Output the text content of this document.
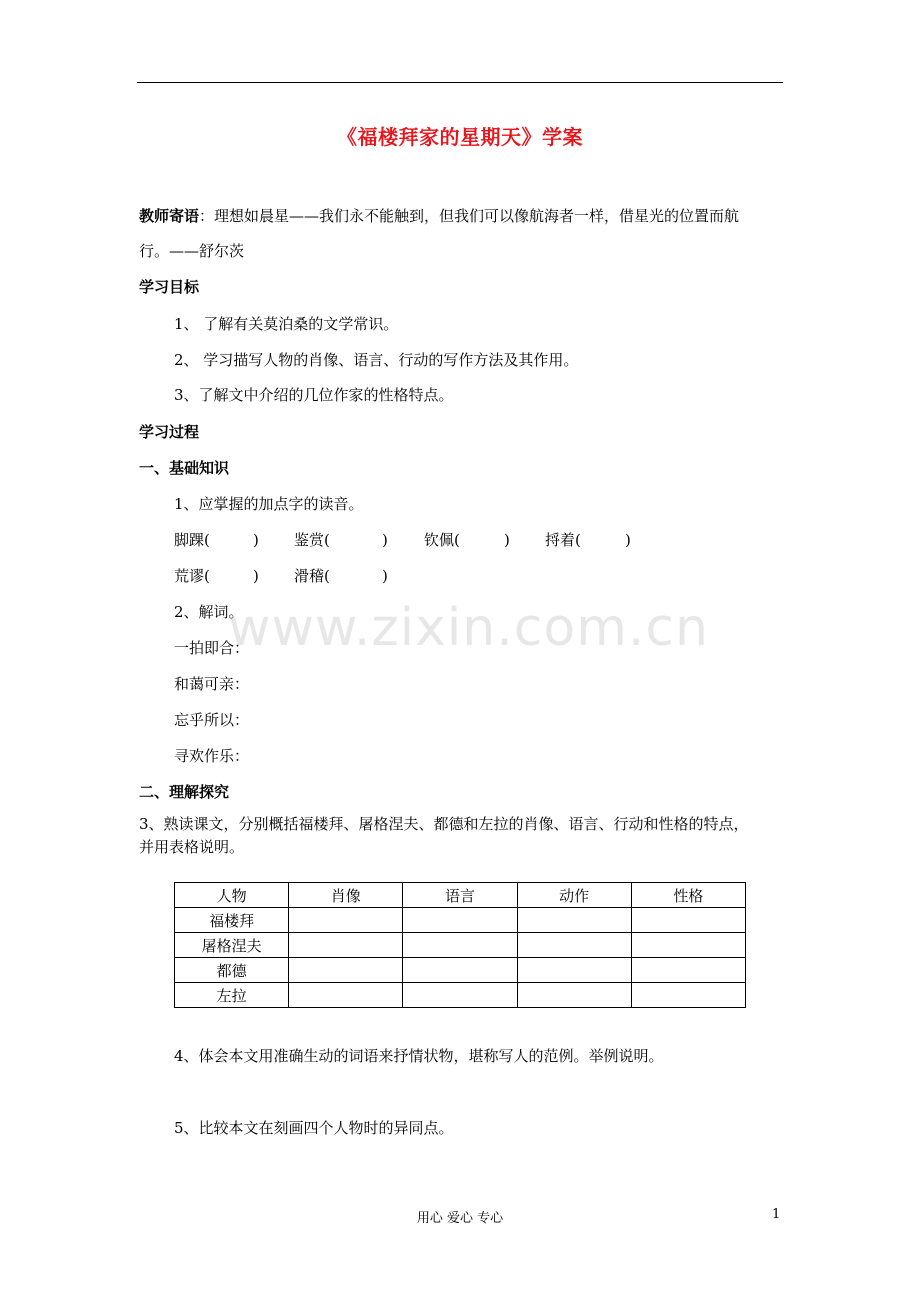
《福楼拜家的星期天》学案
教师寄语：理想如晨星——我们永不能触到，但我们可以像航海者一样，借星光的位置而航
行。——舒尔茨
学习目标
1、 了解有关莫泊桑的文学常识。
2、 学习描写人物的肖像、语言、行动的写作方法及其作用。
3、了解文中介绍的几位作家的性格特点。
学习过程
一、基础知识
1、应掌握的加点字的读音。
脚踝(	) 鉴赏(	) 钦佩(	) 捋着(	)
荒谬(	) 滑稽(	)
2、解词。
一拍即合：
和蔼可亲：
忘乎所以：
寻欢作乐：
www.zixin.com.cn
二、理解探究
3、熟读课文，分别概括福楼拜、屠格涅夫、都德和左拉的肖像、语言、行动和性格的特点，
并用表格说明。
人物	肖像	语言	动作	性格
福楼拜				
屠格涅夫				
都德				
左拉				
4、体会本文用准确生动的词语来抒情状物，堪称写人的范例。举例说明。
5、比较本文在刻画四个人物时的异同点。
用心 爱心 专心	1
